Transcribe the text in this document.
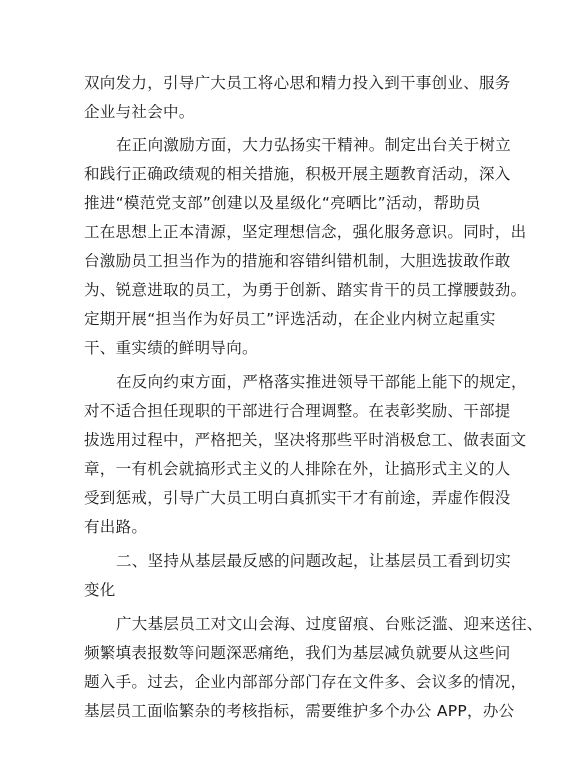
双向发力，引导广大员工将心思和精力投入到干事创业、服务
企业与社会中。
在正向激励方面，大力弘扬实干精神。制定出台关于树立
和践行正确政绩观的相关措施，积极开展主题教育活动，深入
推进“模范党支部”创建以及星级化“亮晒比”活动，帮助员
工在思想上正本清源，坚定理想信念，强化服务意识。同时，出
台激励员工担当作为的措施和容错纠错机制，大胆选拔敢作敢
为、锐意进取的员工，为勇于创新、踏实肯干的员工撑腰鼓劲。
定期开展“担当作为好员工”评选活动，在企业内树立起重实
干、重实绩的鲜明导向。
在反向约束方面，严格落实推进领导干部能上能下的规定，
对不适合担任现职的干部进行合理调整。在表彰奖励、干部提
拔选用过程中，严格把关，坚决将那些平时消极怠工、做表面文
章，一有机会就搞形式主义的人排除在外，让搞形式主义的人
受到惩戒，引导广大员工明白真抓实干才有前途，弄虚作假没
有出路。
二、坚持从基层最反感的问题改起，让基层员工看到切实
变化
广大基层员工对文山会海、过度留痕、台账泛滥、迎来送往、
频繁填表报数等问题深恶痛绝，我们为基层减负就要从这些问
题入手。过去，企业内部部分部门存在文件多、会议多的情况，
基层员工面临繁杂的考核指标，需要维护多个办公 APP，办公
